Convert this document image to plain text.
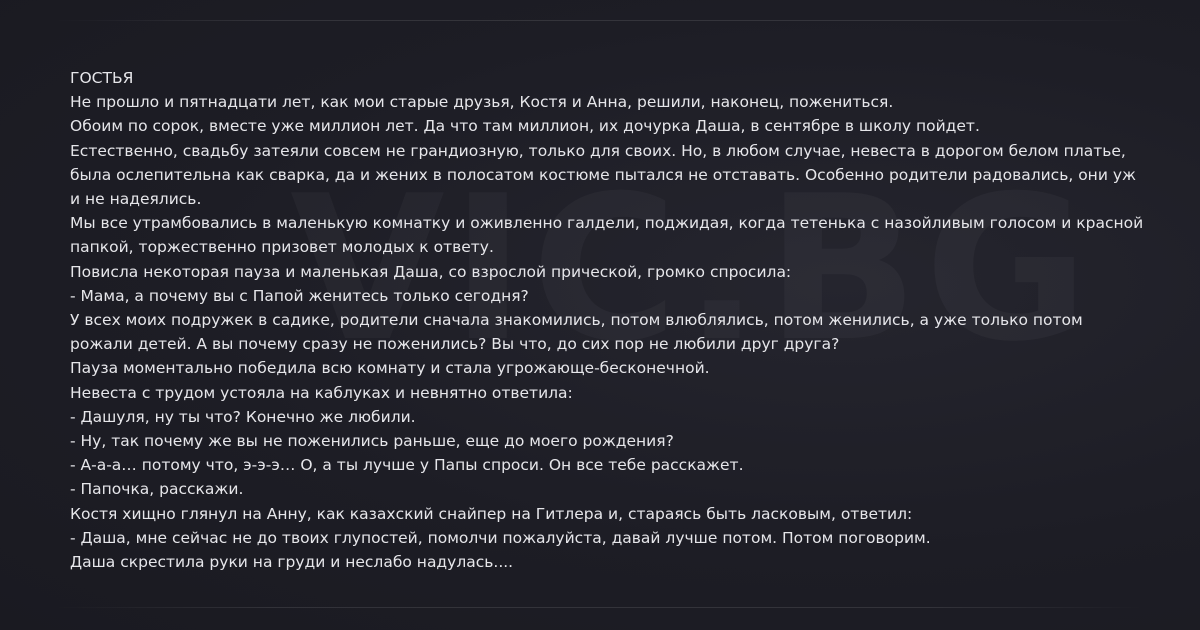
ГОСТЬЯ

Не прошло и пятнадцати лет, как мои старые друзья, Костя и Анна, решили, наконец, пожениться.

Обоим по сорок, вместе уже миллион лет. Да что там миллион, их дочурка Даша, в сентябре в школу пойдет.

Естественно, свадьбу затеяли совсем не грандиозную, только для своих. Но, в любом случае, невеста в дорогом белом платье, была ослепительна как сварка, да и жених в полосатом костюме пытался не отставать. Особенно родители радовались, они уж и не надеялись.

Мы все утрамбовались в маленькую комнатку и оживленно галдели, поджидая, когда тетенька с назойливым голосом и красной папкой, торжественно призовет молодых к ответу.

Повисла некоторая пауза и маленькая Даша, со взрослой прической, громко спросила:

- Мама, а почему вы с Папой женитесь только сегодня?

У всех моих подружек в садике, родители сначала знакомились, потом влюблялись, потом женились, а уже только потом рожали детей. А вы почему сразу не поженились? Вы что, до сих пор не любили друг друга?

Пауза моментально победила всю комнату и стала угрожающе-бесконечной.

Невеста с трудом устояла на каблуках и невнятно ответила:

- Дашуля, ну ты что? Конечно же любили.

- Ну, так почему же вы не поженились раньше, еще до моего рождения?

- А-а-а… потому что, э-э-э… О, а ты лучше у Папы спроси. Он все тебе расскажет.

- Папочка, расскажи.

Костя хищно глянул на Анну, как казахский снайпер на Гитлера и, стараясь быть ласковым, ответил:

- Даша, мне сейчас не до твоих глупостей, помолчи пожалуйста, давай лучше потом. Потом поговорим.

Даша скрестила руки на груди и неслабо надулась....
